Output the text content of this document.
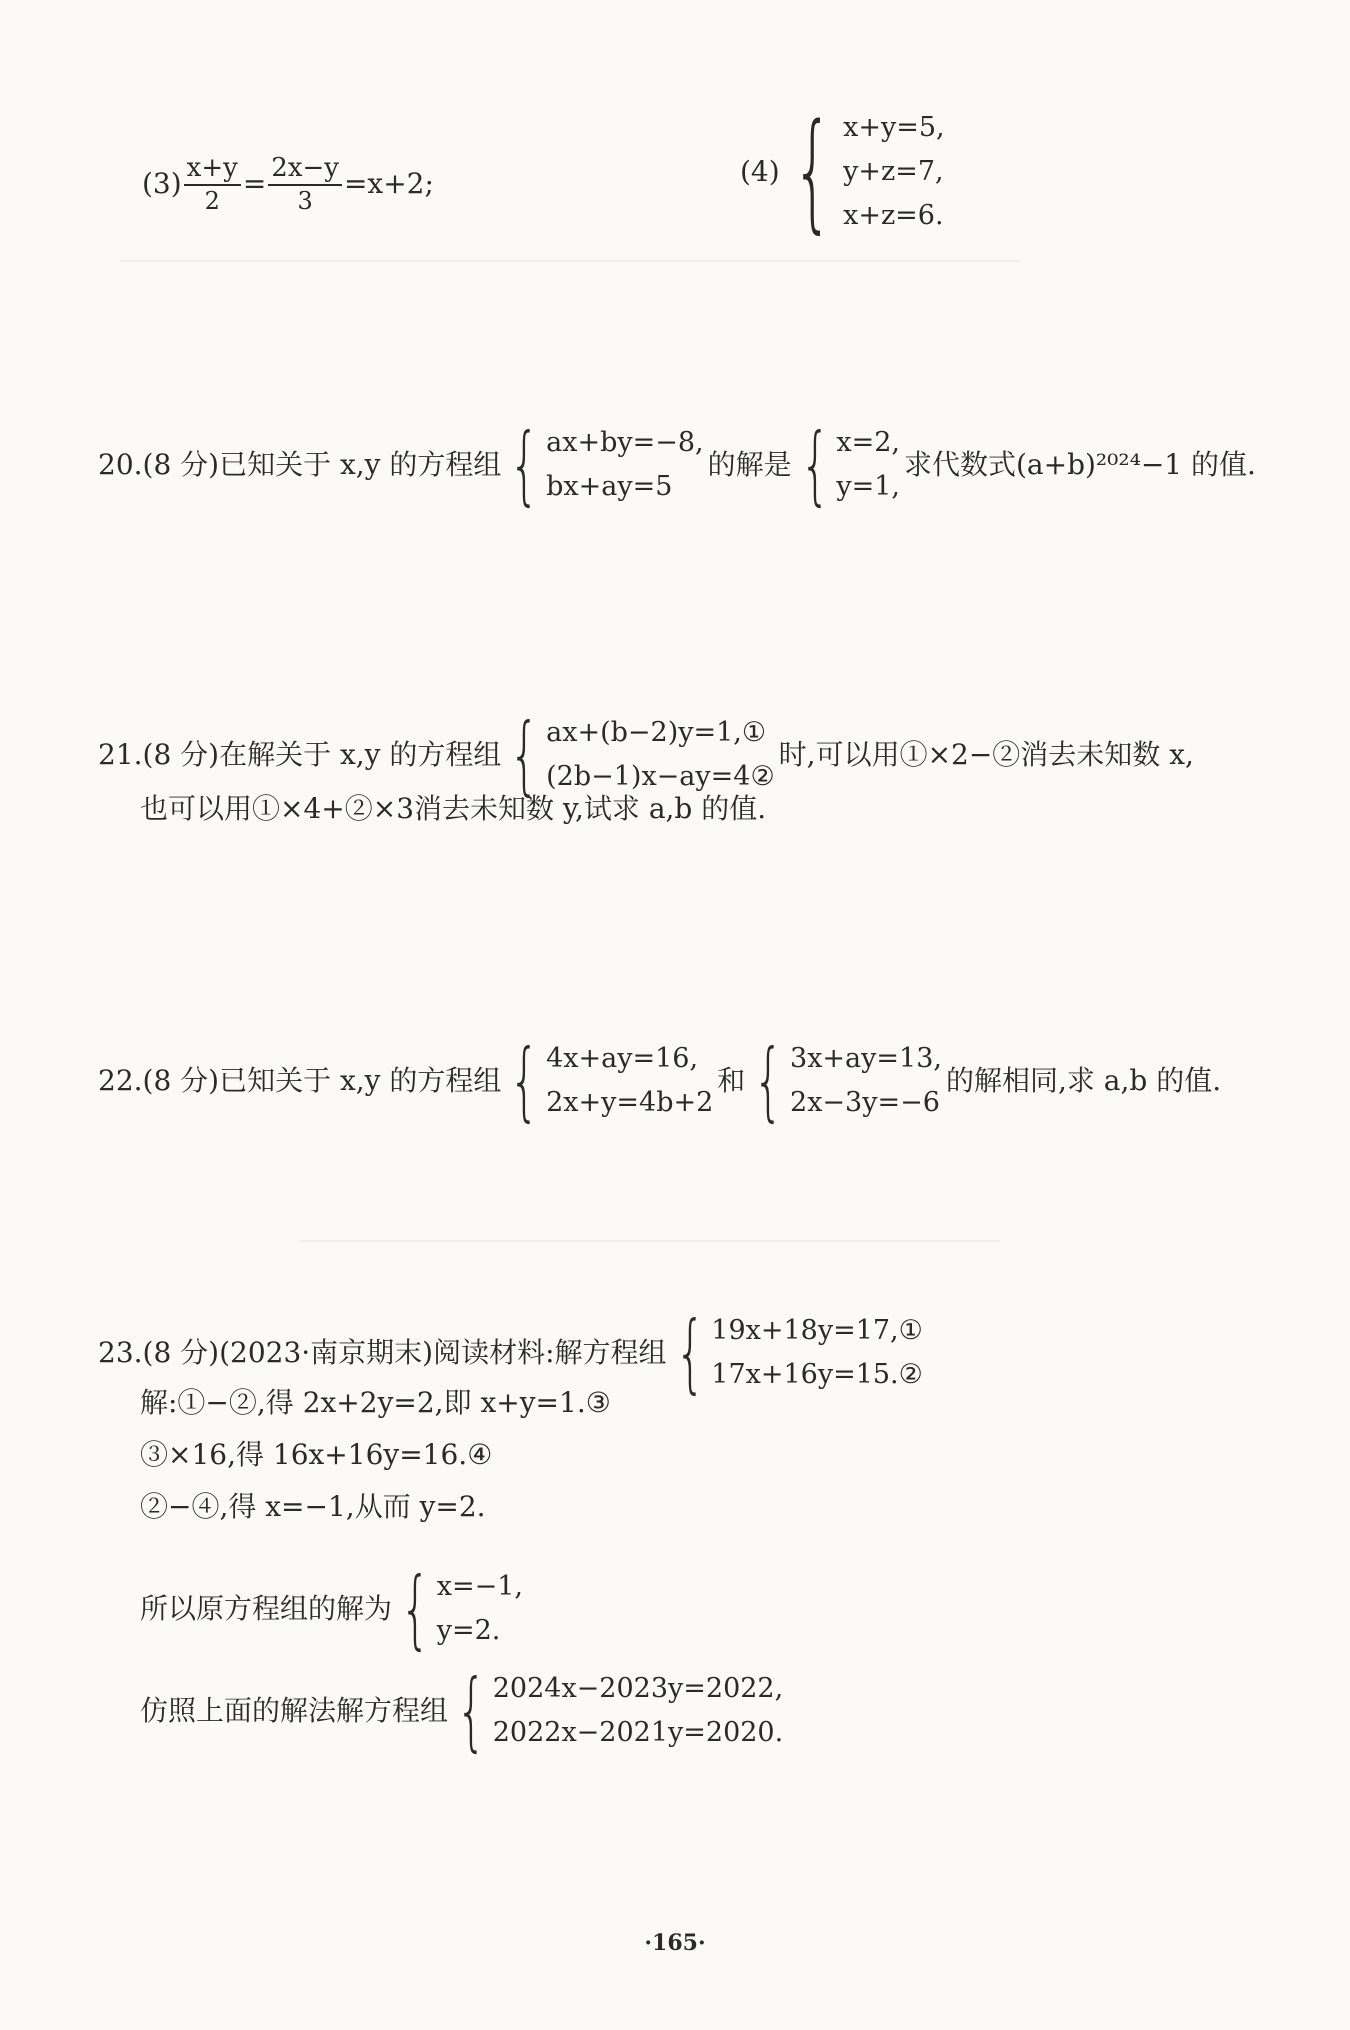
$(3) \frac{x+y}{2} = \frac{2x-y}{3} =x+2$;	(4) { x+y=5,
y+z=7,
x+z=6.
20.(8 分)已知关于 x,y 的方程组 { ax+by=−8,
bx+ay=5
的解是 { x=2,
y=1,
求代数式(a+b)²⁰²⁴−1 的值.
21.(8 分)在解关于 x,y 的方程组 { ax+(b−2)y=1,①
(2b−1)x−ay=4②
时,可以用①×2−②消去未知数 x,
也可以用①×4+②×3消去未知数 y,试求 a,b 的值.
22.(8 分)已知关于 x,y 的方程组 { 4x+ay=16,
2x+y=4b+2
和 { 3x+ay=13,
2x−3y=−6
的解相同,求 a,b 的值.
23.(8 分)(2023·南京期末)阅读材料:解方程组 { 19x+18y=17,①
17x+16y=15.②
解:①−②,得 2x+2y=2,即 x+y=1.③
③×16,得 16x+16y=16.④
②−④,得 x=−1,从而 y=2.
所以原方程组的解为 { x=−1,
y=2.
仿照上面的解法解方程组 { 2024x−2023y=2022,
2022x−2021y=2020.
·165·
